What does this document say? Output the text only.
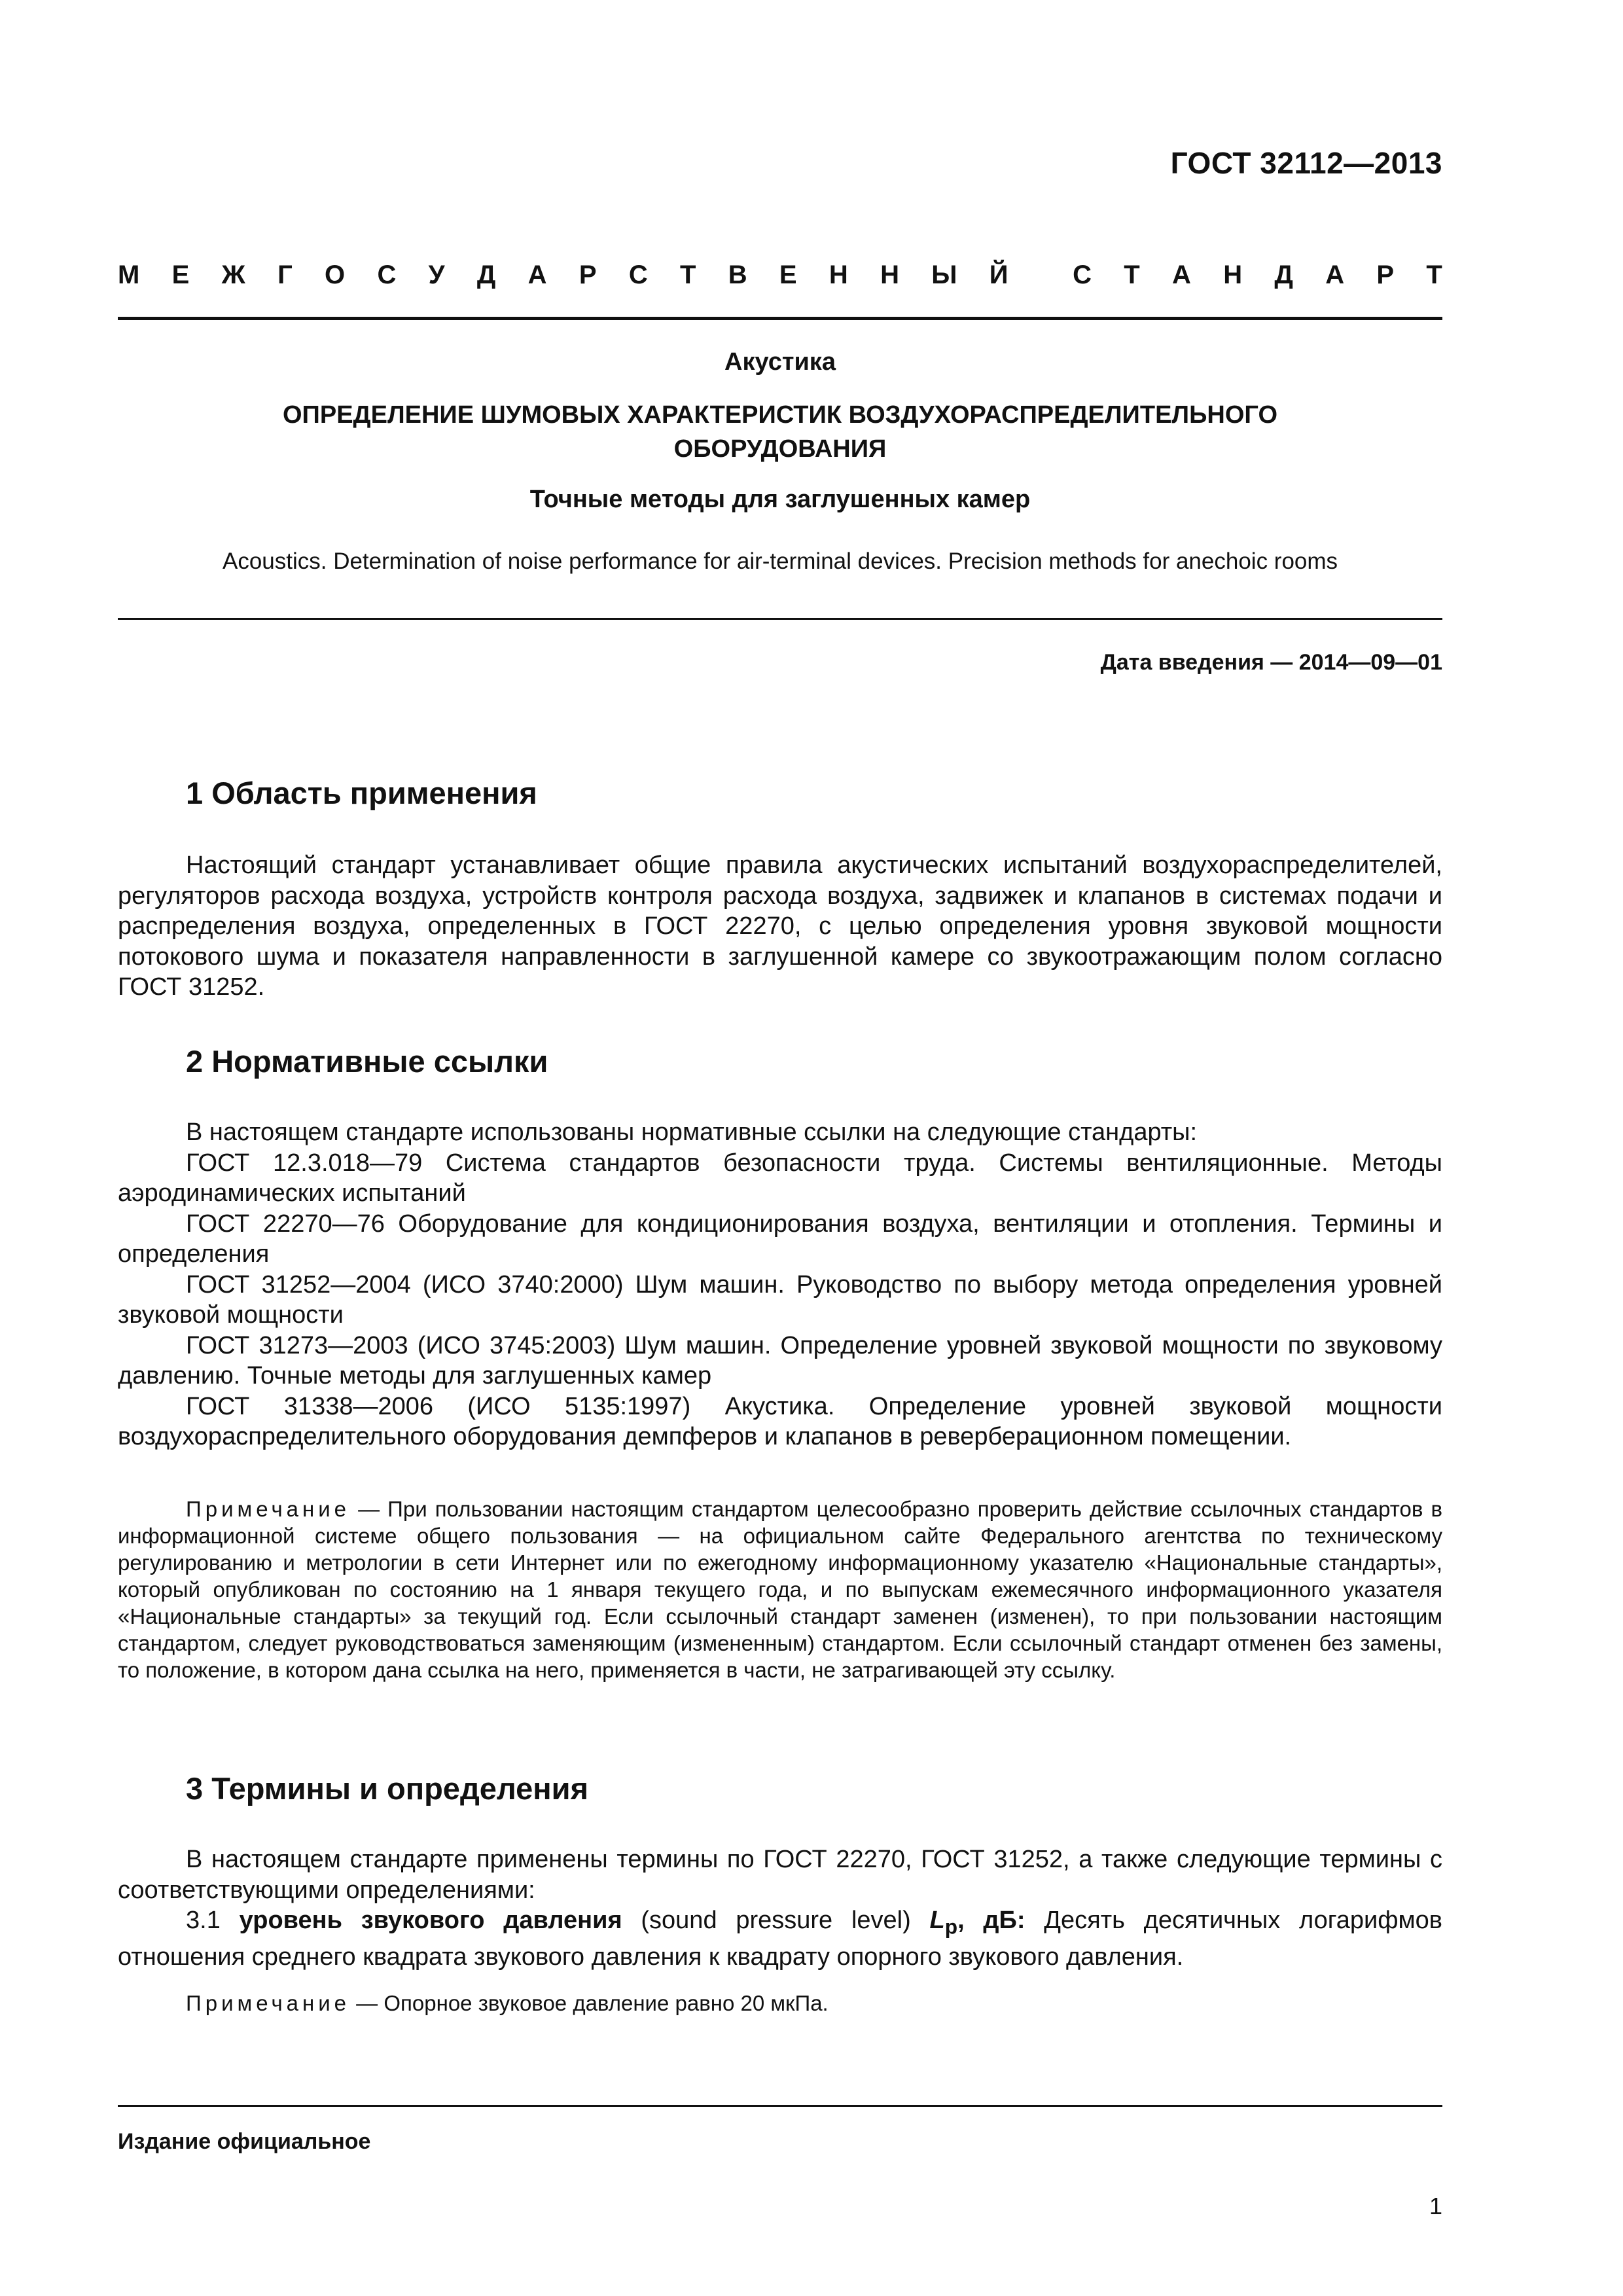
ГОСТ 32112—2013
М Е Ж Г О С У Д А Р С Т В Е Н Н Ы Й С Т А Н Д А Р Т
Акустика
ОПРЕДЕЛЕНИЕ ШУМОВЫХ ХАРАКТЕРИСТИК ВОЗДУХОРАСПРЕДЕЛИТЕЛЬНОГО
ОБОРУДОВАНИЯ
Точные методы для заглушенных камер
Acoustics. Determination of noise performance for air-terminal devices. Precision methods for anechoic rooms
Дата введения — 2014—09—01
1 Область применения

Настоящий стандарт устанавливает общие правила акустических испытаний воздухораспределителей, регуляторов расхода воздуха, устройств контроля расхода воздуха, задвижек и клапанов в системах подачи и распределения воздуха, определенных в ГОСТ 22270, с целью определения уровня звуковой мощности потокового шума и показателя направленности в заглушенной камере со звукоотражающим полом согласно ГОСТ 31252.

2 Нормативные ссылки
В настоящем стандарте использованы нормативные ссылки на следующие стандарты:
ГОСТ 12.3.018—79 Система стандартов безопасности труда. Системы вентиляционные. Методы аэродинамических испытаний
ГОСТ 22270—76 Оборудование для кондиционирования воздуха, вентиляции и отопления. Термины и определения
ГОСТ 31252—2004 (ИСО 3740:2000) Шум машин. Руководство по выбору метода определения уровней звуковой мощности
ГОСТ 31273—2003 (ИСО 3745:2003) Шум машин. Определение уровней звуковой мощности по звуковому давлению. Точные методы для заглушенных камер
ГОСТ 31338—2006 (ИСО 5135:1997) Акустика. Определение уровней звуковой мощности воздухораспределительного оборудования демпферов и клапанов в реверберационном помещении.

Примечание — При пользовании настоящим стандартом целесообразно проверить действие ссылочных стандартов в информационной системе общего пользования — на официальном сайте Федерального агентства по техническому регулированию и метрологии в сети Интернет или по ежегодному информационному указателю «Национальные стандарты», который опубликован по состоянию на 1 января текущего года, и по выпускам ежемесячного информационного указателя «Национальные стандарты» за текущий год. Если ссылочный стандарт заменен (изменен), то при пользовании настоящим стандартом, следует руководствоваться заменяющим (измененным) стандартом. Если ссылочный стандарт отменен без замены, то положение, в котором дана ссылка на него, применяется в части, не затрагивающей эту ссылку.

3 Термины и определения

В настоящем стандарте применены термины по ГОСТ 22270, ГОСТ 31252, а также следующие термины с соответствующими определениями:

3.1 уровень звукового давления (sound pressure level) $L_p$, дБ: Десять десятичных логарифмов отношения среднего квадрата звукового давления к квадрату опорного звукового давления.

Примечание — Опорное звуковое давление равно 20 мкПа.

Издание официальное
1
